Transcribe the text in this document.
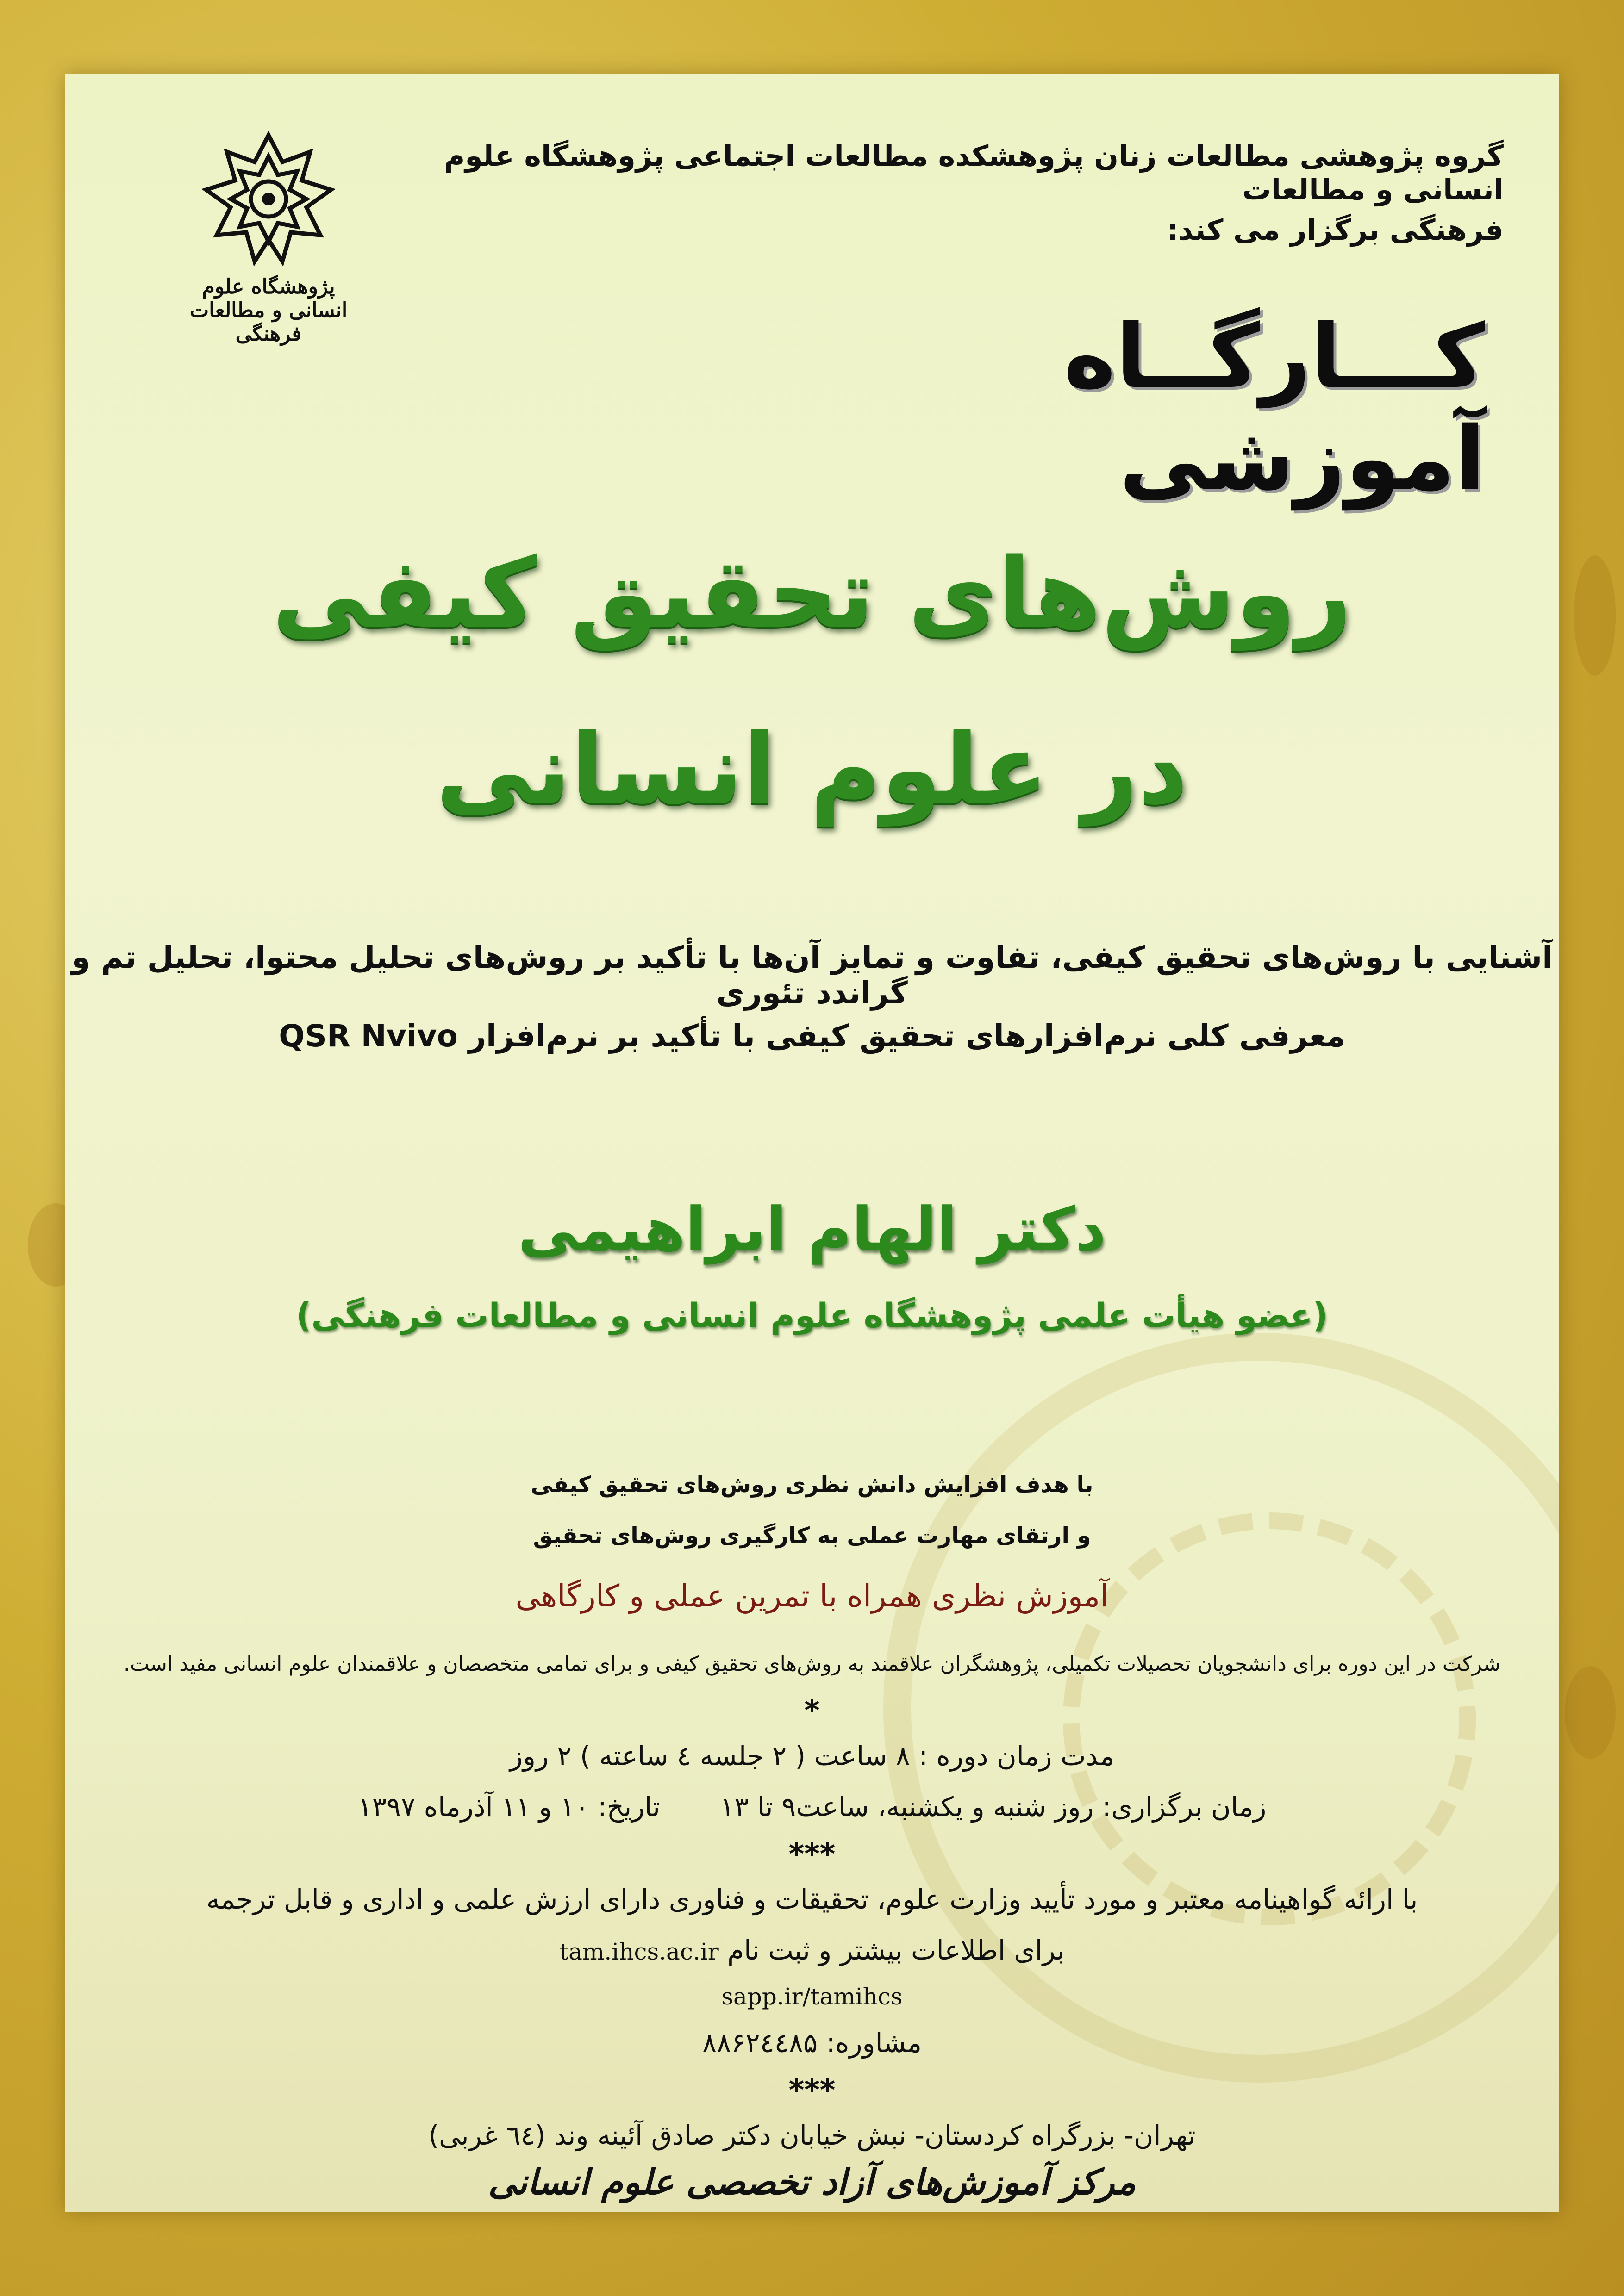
پژوهشگاه علوم انسانی و مطالعات فرهنگی
گروه پژوهشی مطالعات زنان پژوهشکده مطالعات اجتماعی پژوهشگاه علوم انسانی و مطالعات
فرهنگی برگزار می کند:
کـــارگــاه آموزشی
روش‌های تحقیق کیفی
در علوم انسانی
آشنایی با روش‌های تحقیق کیفی، تفاوت و تمایز آن‌ها با تأکید بر روش‌های تحلیل محتوا، تحلیل تم و گراندد تئوری
معرفی کلی نرم‌افزارهای تحقیق کیفی با تأکید بر نرم‌افزار QSR Nvivo
دکتر الهام ابراهیمی
(عضو هیأت علمی پژوهشگاه علوم انسانی و مطالعات فرهنگی)
با هدف افزایش دانش نظری روش‌های تحقیق کیفی
و ارتقای مهارت عملی به کارگیری روش‌های تحقیق
آموزش نظری همراه با تمرین عملی و کارگاهی
شرکت در این دوره برای دانشجویان تحصیلات تکمیلی، پژوهشگران علاقمند به روش‌های تحقیق کیفی و برای تمامی متخصصان و علاقمندان علوم انسانی مفید است.
*
مدت زمان دوره : ۸ ساعت ( ۲ جلسه ٤ ساعته ) ۲ روز
زمان برگزاری: روز شنبه و یکشنبه، ساعت۹ تا ۱۳       تاریخ: ۱۰ و ۱۱ آذرماه ۱۳۹۷
***
با ارائه گواهینامه معتبر و مورد تأیید وزارت علوم، تحقیقات و فناوری دارای ارزش علمی و اداری و قابل ترجمه
برای اطلاعات بیشتر و ثبت نام tam.ihcs.ac.ir
sapp.ir/tamihcs
مشاوره: ۸۸۶۲٤٤۸۵
***
تهران- بزرگراه کردستان- نبش خیابان دکتر صادق آئینه وند (٦٤ غربی)
مرکز آموزش‌های آزاد تخصصی علوم انسانی
